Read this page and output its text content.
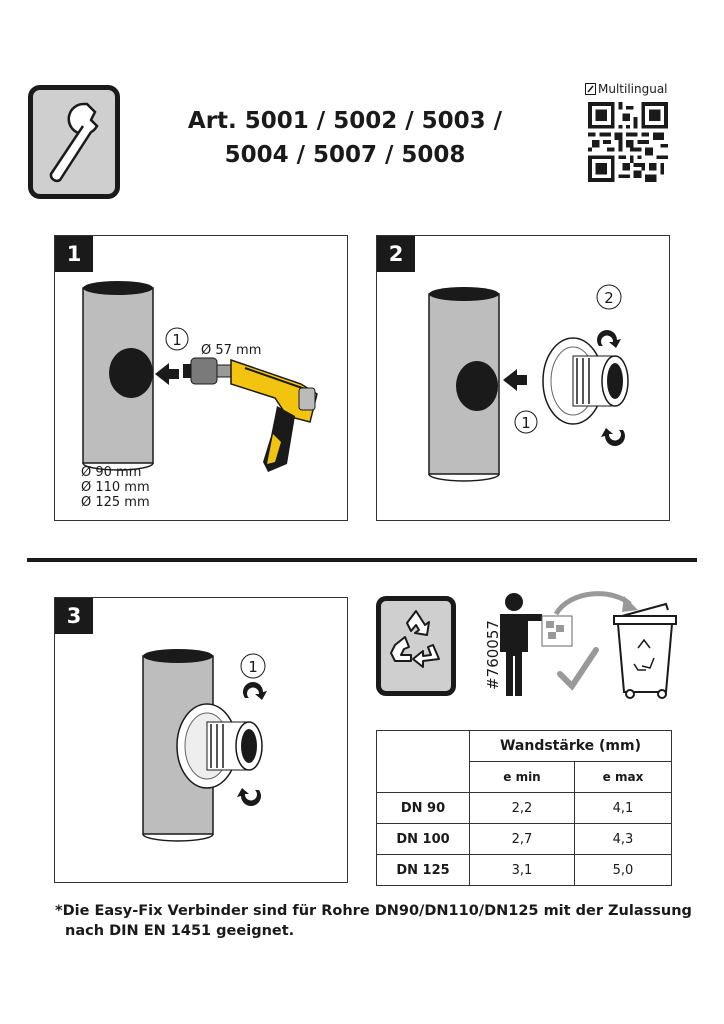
Art. 5001 / 5002 / 5003 /
5004 / 5007 / 5008
Multilingual
1
1
Ø 57 mm
Ø 90 mm
Ø 110 mm
Ø 125 mm
2
1
2
3
1	#760057
	Wandstärke (mm)	
	e min	e max
DN 90	2,2	4,1
DN 100	2,7	4,3
DN 125	3,1	5,0
*Die Easy-Fix Verbinder sind für Rohre DN90/DN110/DN125 mit der Zulassung
nach DIN EN 1451 geeignet.
